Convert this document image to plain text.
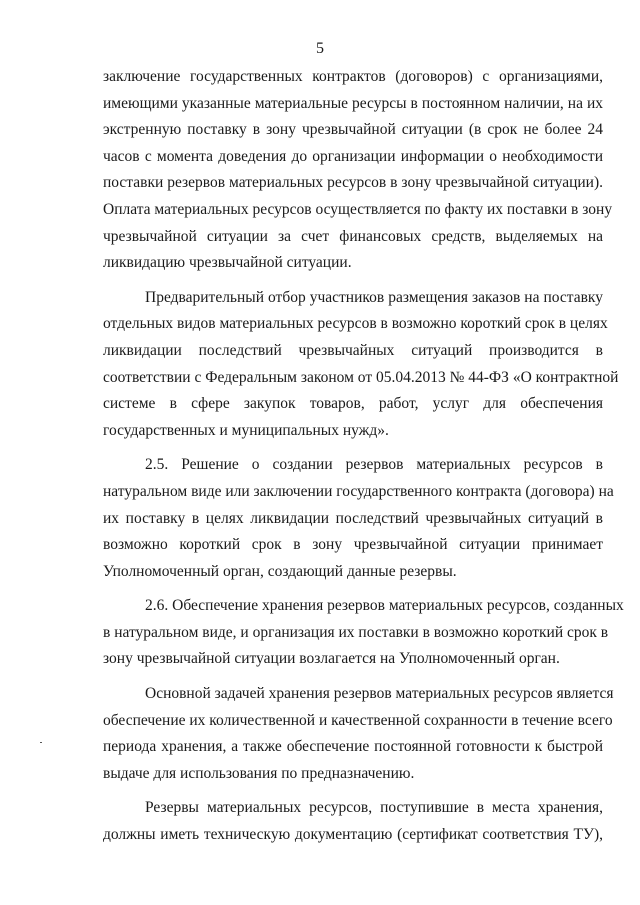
5

заключение государственных контрактов (договоров) с организациями,
имеющими указанные материальные ресурсы в постоянном наличии, на их
экстренную поставку в зону чрезвычайной ситуации (в срок не более 24
часов с момента доведения до организации информации о необходимости
поставки резервов материальных ресурсов в зону чрезвычайной ситуации).
Оплата материальных ресурсов осуществляется по факту их поставки в зону
чрезвычайной ситуации за счет финансовых средств, выделяемых на
ликвидацию чрезвычайной ситуации.

Предварительный отбор участников размещения заказов на поставку
отдельных видов материальных ресурсов в возможно короткий срок в целях
ликвидации последствий чрезвычайных ситуаций производится в
соответствии с Федеральным законом от 05.04.2013 № 44-ФЗ «О контрактной
системе в сфере закупок товаров, работ, услуг для обеспечения
государственных и муниципальных нужд».

2.5. Решение о создании резервов материальных ресурсов в
натуральном виде или заключении государственного контракта (договора) на
их поставку в целях ликвидации последствий чрезвычайных ситуаций в
возможно короткий срок в зону чрезвычайной ситуации принимает
Уполномоченный орган, создающий данные резервы.

2.6. Обеспечение хранения резервов материальных ресурсов, созданных
в натуральном виде, и организация их поставки в возможно короткий срок в
зону чрезвычайной ситуации возлагается на Уполномоченный орган.

Основной задачей хранения резервов материальных ресурсов является
обеспечение их количественной и качественной сохранности в течение всего
периода хранения, а также обеспечение постоянной готовности к быстрой
выдаче для использования по предназначению.

Резервы материальных ресурсов, поступившие в места хранения,
должны иметь техническую документацию (сертификат соответствия ТУ),
